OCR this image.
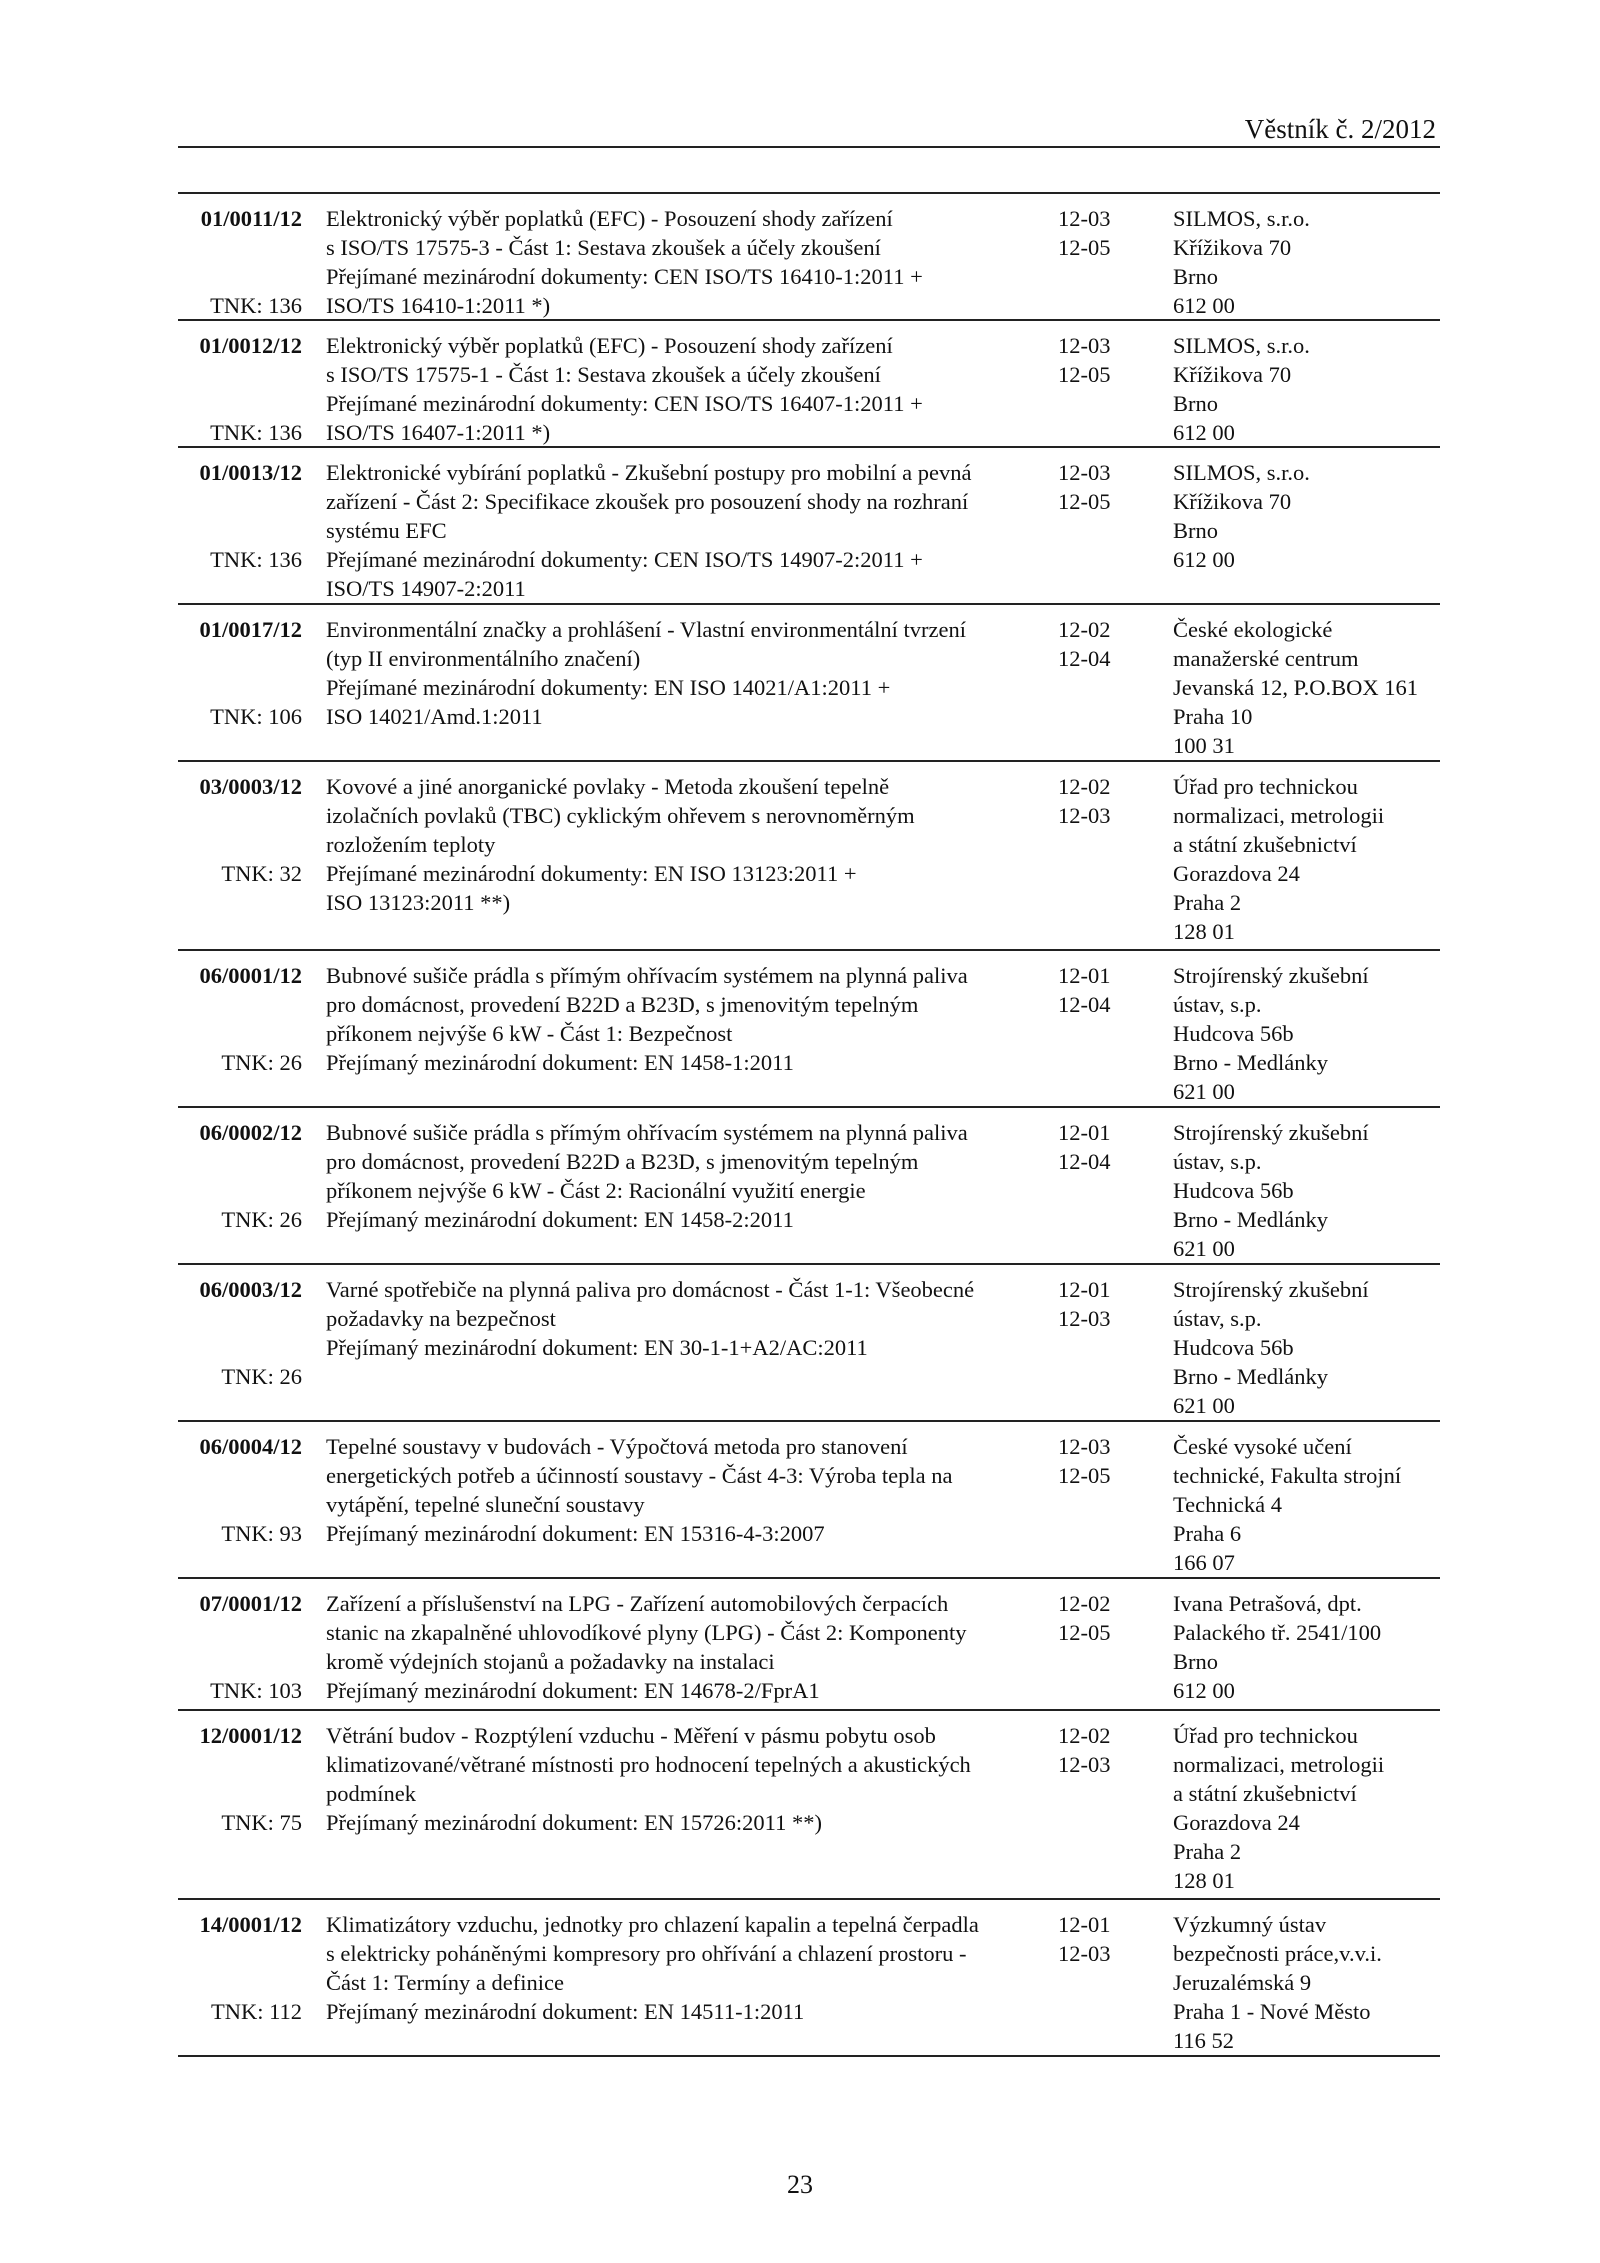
Věstník č. 2/2012
01/0011/12 Elektronický výběr poplatků (EFC) - Posouzení shody zařízení
s ISO/TS 17575-3 - Část 1: Sestava zkoušek a účely zkoušení
Přejímané mezinárodní dokumenty: CEN ISO/TS 16410-1:2011 +
ISO/TS 16410-1:2011 *)
TNK: 136
12-03
12-05
SILMOS, s.r.o.
Křížikova 70
Brno
612 00
01/0012/12 Elektronický výběr poplatků (EFC) - Posouzení shody zařízení
s ISO/TS 17575-1 - Část 1: Sestava zkoušek a účely zkoušení
Přejímané mezinárodní dokumenty: CEN ISO/TS 16407-1:2011 +
ISO/TS 16407-1:2011 *)
TNK: 136
12-03
12-05
SILMOS, s.r.o.
Křížikova 70
Brno
612 00
01/0013/12 Elektronické vybírání poplatků - Zkušební postupy pro mobilní a pevná
zařízení - Část 2: Specifikace zkoušek pro posouzení shody na rozhraní
systému EFC
Přejímané mezinárodní dokumenty: CEN ISO/TS 14907-2:2011 +
ISO/TS 14907-2:2011
TNK: 136
12-03
12-05
SILMOS, s.r.o.
Křížikova 70
Brno
612 00
01/0017/12 Environmentální značky a prohlášení - Vlastní environmentální tvrzení
(typ II environmentálního značení)
Přejímané mezinárodní dokumenty: EN ISO 14021/A1:2011 +
ISO 14021/Amd.1:2011
TNK: 106
12-02
12-04
České ekologické
manažerské centrum
Jevanská 12, P.O.BOX 161
Praha 10
100 31
03/0003/12 Kovové a jiné anorganické povlaky - Metoda zkoušení tepelně
izolačních povlaků (TBC) cyklickým ohřevem s nerovnoměrným
rozložením teploty
Přejímané mezinárodní dokumenty: EN ISO 13123:2011 +
ISO 13123:2011 **)
TNK: 32
12-02
12-03
Úřad pro technickou
normalizaci, metrologii
a státní zkušebnictví
Gorazdova 24
Praha 2
128 01
06/0001/12 Bubnové sušiče prádla s přímým ohřívacím systémem na plynná paliva
pro domácnost, provedení B22D a B23D, s jmenovitým tepelným
příkonem nejvýše 6 kW - Část 1: Bezpečnost
Přejímaný mezinárodní dokument: EN 1458-1:2011
TNK: 26
12-01
12-04
Strojírenský zkušební
ústav, s.p.
Hudcova 56b
Brno - Medlánky
621 00
06/0002/12 Bubnové sušiče prádla s přímým ohřívacím systémem na plynná paliva
pro domácnost, provedení B22D a B23D, s jmenovitým tepelným
příkonem nejvýše 6 kW - Část 2: Racionální využití energie
Přejímaný mezinárodní dokument: EN 1458-2:2011
TNK: 26
12-01
12-04
Strojírenský zkušební
ústav, s.p.
Hudcova 56b
Brno - Medlánky
621 00
06/0003/12 Varné spotřebiče na plynná paliva pro domácnost - Část 1-1: Všeobecné
požadavky na bezpečnost
Přejímaný mezinárodní dokument: EN 30-1-1+A2/AC:2011
TNK: 26
12-01
12-03
Strojírenský zkušební
ústav, s.p.
Hudcova 56b
Brno - Medlánky
621 00
06/0004/12 Tepelné soustavy v budovách - Výpočtová metoda pro stanovení
energetických potřeb a účinností soustavy - Část 4-3: Výroba tepla na
vytápění, tepelné sluneční soustavy
Přejímaný mezinárodní dokument: EN 15316-4-3:2007
TNK: 93
12-03
12-05
České vysoké učení
technické, Fakulta strojní
Technická 4
Praha 6
166 07
07/0001/12 Zařízení a příslušenství na LPG - Zařízení automobilových čerpacích
stanic na zkapalněné uhlovodíkové plyny (LPG) - Část 2: Komponenty
kromě výdejních stojanů a požadavky na instalaci
Přejímaný mezinárodní dokument: EN 14678-2/FprA1
TNK: 103
12-02
12-05
Ivana Petrašová, dpt.
Palackého tř. 2541/100
Brno
612 00
12/0001/12 Větrání budov - Rozptýlení vzduchu - Měření v pásmu pobytu osob
klimatizované/větrané místnosti pro hodnocení tepelných a akustických
podmínek
Přejímaný mezinárodní dokument: EN 15726:2011 **)
TNK: 75
12-02
12-03
Úřad pro technickou
normalizaci, metrologii
a státní zkušebnictví
Gorazdova 24
Praha 2
128 01
14/0001/12 Klimatizátory vzduchu, jednotky pro chlazení kapalin a tepelná čerpadla
s elektricky poháněnými kompresory pro ohřívání a chlazení prostoru -
Část 1: Termíny a definice
Přejímaný mezinárodní dokument: EN 14511-1:2011
TNK: 112
12-01
12-03
Výzkumný ústav
bezpečnosti práce,v.v.i.
Jeruzalémská 9
Praha 1 - Nové Město
116 52
23
